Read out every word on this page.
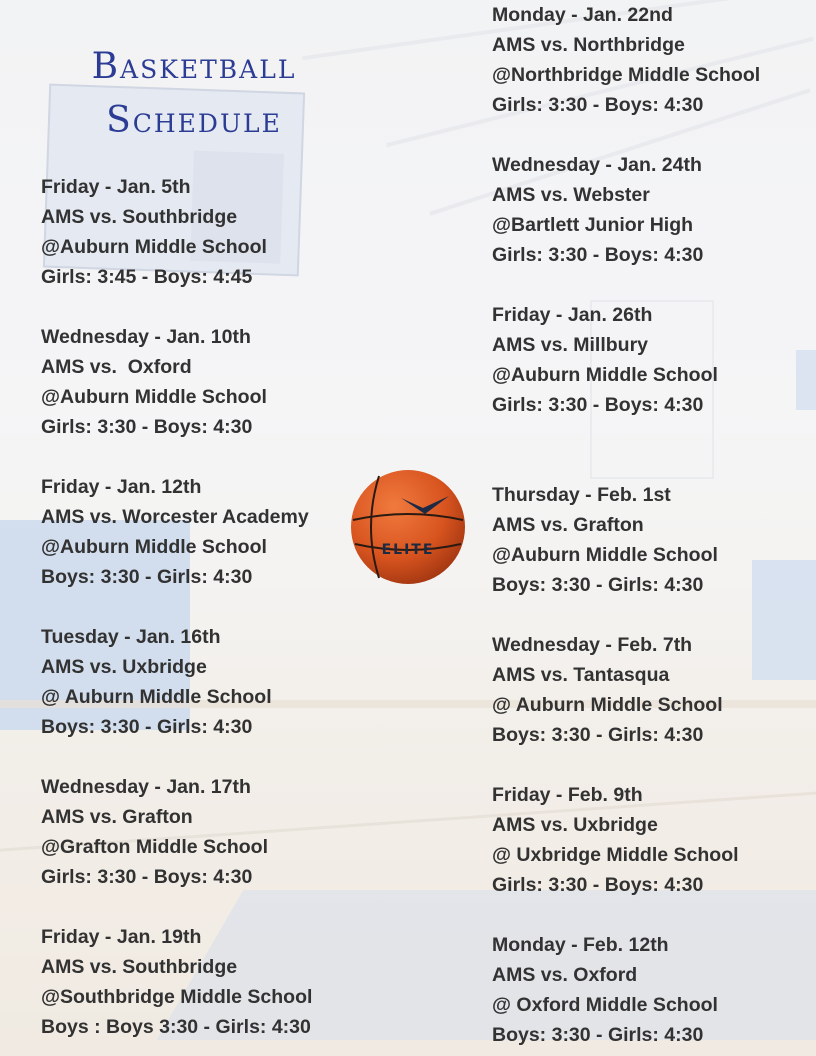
Basketball
Schedule
Friday - Jan. 5th
AMS vs. Southbridge
@Auburn Middle School
Girls: 3:45 - Boys: 4:45
Wednesday - Jan. 10th
AMS vs.  Oxford
@Auburn Middle School
Girls: 3:30 - Boys: 4:30
Friday - Jan. 12th
AMS vs. Worcester Academy
@Auburn Middle School
Boys: 3:30 - Girls: 4:30
Tuesday - Jan. 16th
AMS vs. Uxbridge
@ Auburn Middle School
Boys: 3:30 - Girls: 4:30
Wednesday - Jan. 17th
AMS vs. Grafton
@Grafton Middle School
Girls: 3:30 - Boys: 4:30
Friday - Jan. 19th
AMS vs. Southbridge
@Southbridge Middle School
Boys : Boys 3:30 - Girls: 4:30
Monday - Jan. 22nd
AMS vs. Northbridge
@Northbridge Middle School
Girls: 3:30 - Boys: 4:30
Wednesday - Jan. 24th
AMS vs. Webster
@Bartlett Junior High
Girls: 3:30 - Boys: 4:30
Friday - Jan. 26th
AMS vs. Millbury
@Auburn Middle School
Girls: 3:30 - Boys: 4:30
Thursday - Feb. 1st
AMS vs. Grafton
@Auburn Middle School
Boys: 3:30 - Girls: 4:30
Wednesday - Feb. 7th
AMS vs. Tantasqua
@ Auburn Middle School
Boys: 3:30 - Girls: 4:30
Friday - Feb. 9th
AMS vs. Uxbridge
@ Uxbridge Middle School
Girls: 3:30 - Boys: 4:30
Monday - Feb. 12th
AMS vs. Oxford
@ Oxford Middle School
Boys: 3:30 - Girls: 4:30
ELITE
